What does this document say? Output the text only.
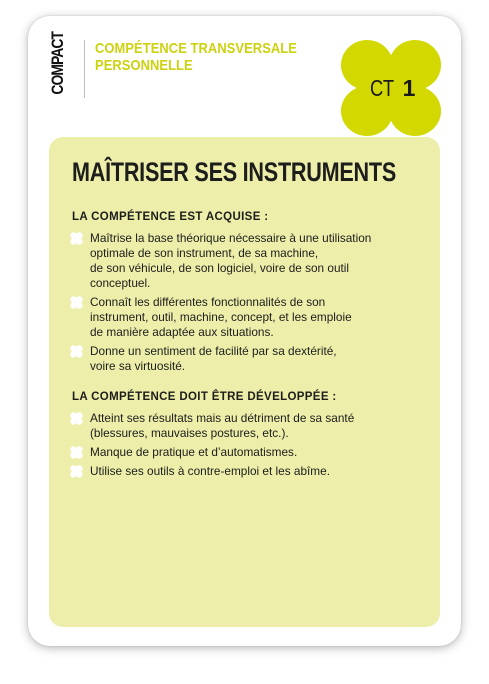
COMPACT	COMPÉTENCE TRANSVERSALE
PERSONNELLE
CT 1
MAÎTRISER SES INSTRUMENTS
LA COMPÉTENCE EST ACQUISE :
Maîtrise la base théorique nécessaire à une utilisation
optimale de son instrument, de sa machine,
de son véhicule, de son logiciel, voire de son outil
conceptuel.
Connaît les différentes fonctionnalités de son
instrument, outil, machine, concept, et les emploie
de manière adaptée aux situations.
Donne un sentiment de facilité par sa dextérité,
voire sa virtuosité.
LA COMPÉTENCE DOIT ÊTRE DÉVELOPPÉE :
Atteint ses résultats mais au détriment de sa santé
(blessures, mauvaises postures, etc.).
Manque de pratique et d’automatismes.
Utilise ses outils à contre-emploi et les abîme.
